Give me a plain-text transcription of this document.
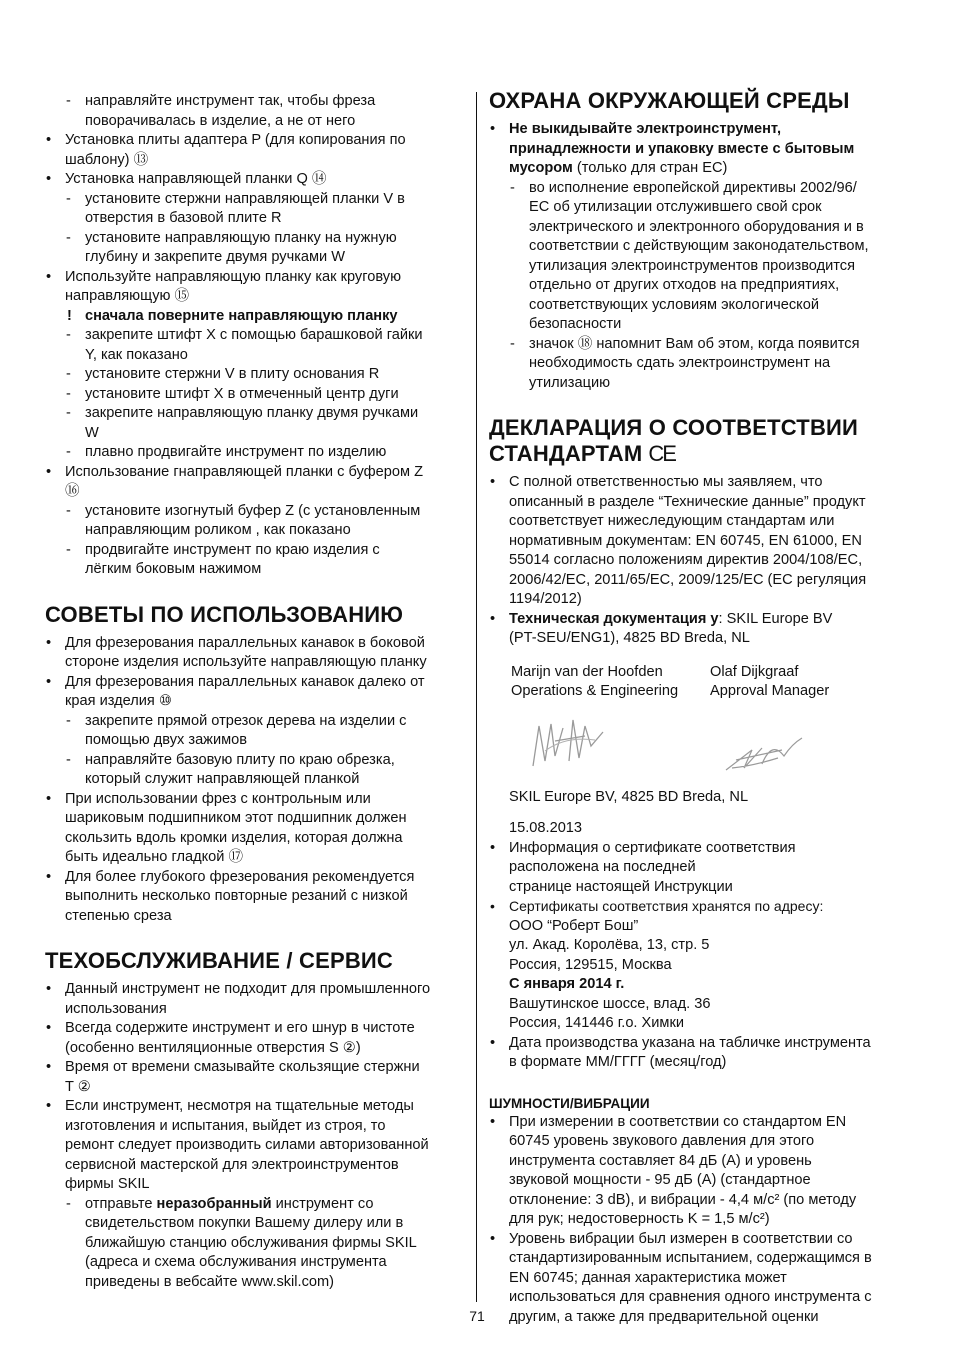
- направляйте инструмент так, чтобы фреза
поворачивалась в изделие, а не от него
• Установка плиты адаптера P (для копирования по
шаблону) ⑬
• Установка направляющей планки Q ⑭
- установите стержни направляющей планки V в
отверстия в базовой плите R
- установите направляющую планку на нужную
глубину и закрепите двумя ручками W
• Используйте направляющую планку как круговую
направляющую ⑮
! сначала поверните направляющую планку
- закрепите штифт X с помощью барашковой гайки
Y, как показано
- установите стержни V в плиту основания R
- установите штифт X в отмеченный центр дуги
- закрепите направляющую планку двумя ручками
W
- плавно продвигайте инструмент по изделию
• Использование гнаправляющей планки с буфером Z
⑯
- установите изогнутый буфер Z (с установленным
направляющим роликом , как показано
- продвигайте инструмент по краю изделия с
лёгким боковым нажимом
СОВЕТЫ ПО ИСПОЛЬЗОВАНИЮ
• Для фрезерования параллельных канавок в боковой
стороне изделия используйте направляющую планку
• Для фрезерования параллельных канавок далеко от
края изделия ⑩
- закрепите прямой отрезок дерева на изделии с
помощью двух зажимов
- направляйте базовую плиту по краю обрезка,
который служит направляющей планкой
• При использовании фрез с контрольным или
шариковым подшипником этот подшипник должен
скользить вдоль кромки изделия, которая должна
быть идеально гладкой ⑰
• Для более глубокого фрезерования рекомендуется
выполнить несколько повторные резаний с низкой
степенью среза
ТЕХОБСЛУЖИВАНИЕ / СЕРВИС
• Данный инструмент не подходит для промышленного
использования
• Всегда содержите инструмент и его шнур в чистоте
(особенно вентиляционные отверстия S ②)
• Время от времени смазывайте скользящие стержни
T ②
• Если инструмент, несмотря на тщательные методы
изготовления и испытания, выйдет из строя, то
ремонт следует производить силами авторизованной
сервисной мастерской для электроинструментов
фирмы SKIL
- отправьте неразобранный инструмент со
свидетельством покупки Вашему дилеру или в
ближайшую станцию обслуживания фирмы SKIL
(адреса и схема обслуживания инструмента
приведены в вебсайте www.skil.com)
ОХРАНА ОКРУЖАЮЩЕЙ СРЕДЫ
• Не выкидывайте электроинструмент,
принадлежности и упаковку вместе с бытовым
мусором (только для стран ЕС)
- во исполнение европейской директивы 2002/96/
ЕС об утилизации отслужившего свой срок
электрического и электронного оборудования и в
соответствии с действующим законодательством,
утилизация электроинструментов производится
отдельно от других отходов на предприятиях,
соответствующих условиям экологической
безопасности
- значок ⑱ напомнит Вам об этом, когда появится
необходимость сдать электроинструмент на
утилизацию
ДЕКЛАРАЦИЯ О СООТВЕТСТВИИ
СТАНДАРТАМ CE
• С полной ответственностью мы заявляем, что
описанный в разделе “Технические данные” продукт
соответствует нижеследующим стандартам или
нормативным документам: EN 60745, EN 61000, EN
55014 согласно положениям директив 2004/108/EC,
2006/42/EC, 2011/65/EC, 2009/125/EC (EC регуляция
1194/2012)
• Техническая документация у: SKIL Europe BV
(PT-SEU/ENG1), 4825 BD Breda, NL
Marijn van der Hoofden
Operations & Engineering
Olaf Dijkgraaf
Approval Manager
SKIL Europe BV, 4825 BD Breda, NL
15.08.2013
• Информация о сертификате соответствия
расположена на последней
странице настоящей Инструкции
• Сертификаты соответствия хранятся по адресу:
ООО “Роберт Бош”
ул. Акад. Королёва, 13, стр. 5
Россия, 129515, Москва
С января 2014 г.
Вашутинское шоссе, влад. 36
Россия, 141446 г.о. Химки
• Дата производства указана на табличке инструмента
в формате ММ/ГГГГ (месяц/год)
ШУМНОСТИ/ВИБРАЦИИ
• При измерении в соответствии со стандартом EN
60745 уровень звукового давления для этого
инструмента составляет 84 дБ (A) и уровень
звуковой мощности - 95 дБ (A) (стандартное
отклонение: 3 dB), и вибрации - 4,4 м/с² (по методу
для рук; недостоверность K = 1,5 м/с²)
• Уровень вибрации был измерен в соответствии со
стандартизированным испытанием, содержащимся в
EN 60745; данная характеристика может
использоваться для сравнения одного инструмента с
другим, а также для предварительной оценки
71
